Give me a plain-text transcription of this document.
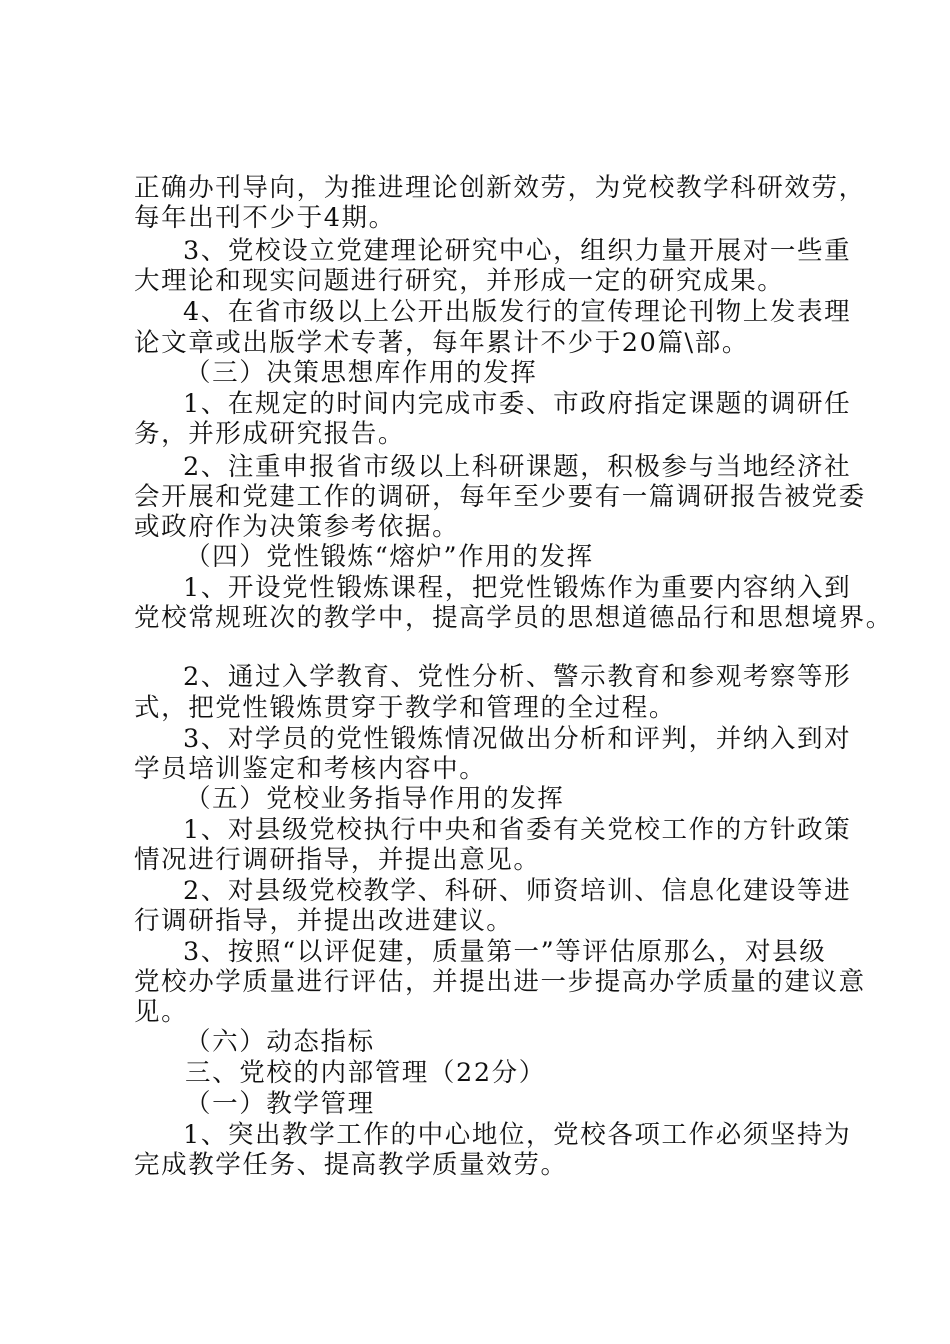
正确办刊导向，为推进理论创新效劳，为党校教学科研效劳，
每年出刊不少于4期。
3、党校设立党建理论研究中心，组织力量开展对一些重
大理论和现实问题进行研究，并形成一定的研究成果。
4、在省市级以上公开出版发行的宣传理论刊物上发表理
论文章或出版学术专著，每年累计不少于20篇\部。
（三）决策思想库作用的发挥
1、在规定的时间内完成市委、市政府指定课题的调研任
务，并形成研究报告。
2、注重申报省市级以上科研课题，积极参与当地经济社
会开展和党建工作的调研，每年至少要有一篇调研报告被党委
或政府作为决策参考依据。
（四）党性锻炼“熔炉”作用的发挥
1、开设党性锻炼课程，把党性锻炼作为重要内容纳入到
党校常规班次的教学中，提高学员的思想道德品行和思想境界。
2、通过入学教育、党性分析、警示教育和参观考察等形
式，把党性锻炼贯穿于教学和管理的全过程。
3、对学员的党性锻炼情况做出分析和评判，并纳入到对
学员培训鉴定和考核内容中。
（五）党校业务指导作用的发挥
1、对县级党校执行中央和省委有关党校工作的方针政策
情况进行调研指导，并提出意见。
2、对县级党校教学、科研、师资培训、信息化建设等进
行调研指导，并提出改进建议。
3、按照“以评促建，质量第一”等评估原那么，对县级
党校办学质量进行评估，并提出进一步提高办学质量的建议意
见。
（六）动态指标
三、党校的内部管理（22分）
（一）教学管理
1、突出教学工作的中心地位，党校各项工作必须坚持为
完成教学任务、提高教学质量效劳。
